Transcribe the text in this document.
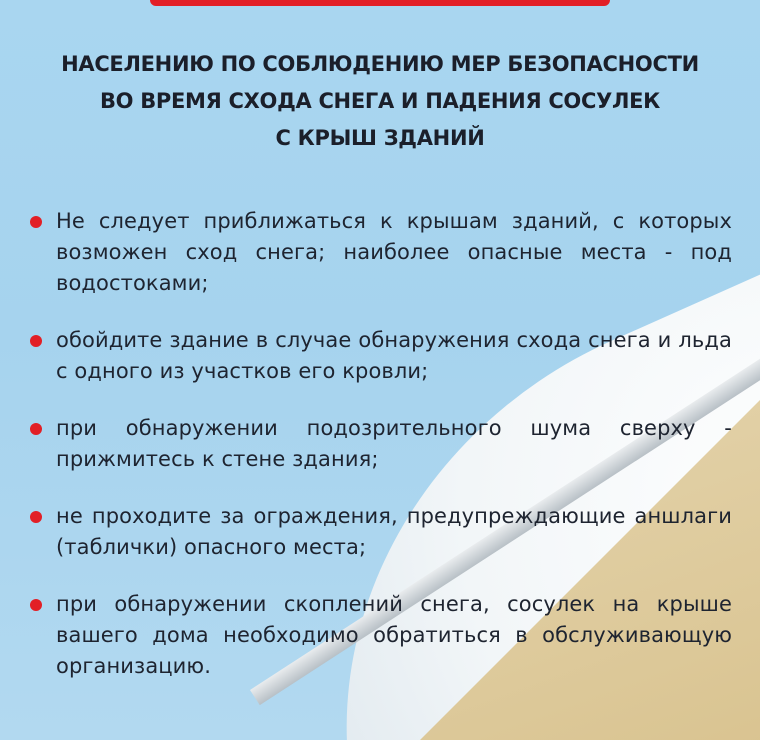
НАСЕЛЕНИЮ ПО СОБЛЮДЕНИЮ МЕР БЕЗОПАСНОСТИ
ВО ВРЕМЯ СХОДА СНЕГА И ПАДЕНИЯ СОСУЛЕК
С КРЫШ ЗДАНИЙ
Не следует приближаться к крышам зданий, с которых возможен сход снега; наиболее опасные места - под водостоками;
обойдите здание в случае обнаружения схода снега и льда с одного из участков его кровли;
при обнаружении подозрительного шума сверху - прижмитесь к стене здания;
не проходите за ограждения, предупреждающие аншлаги (таблички) опасного места;
при обнаружении скоплений снега, сосулек на крыше вашего дома необходимо обратиться в обслуживающую организацию.
